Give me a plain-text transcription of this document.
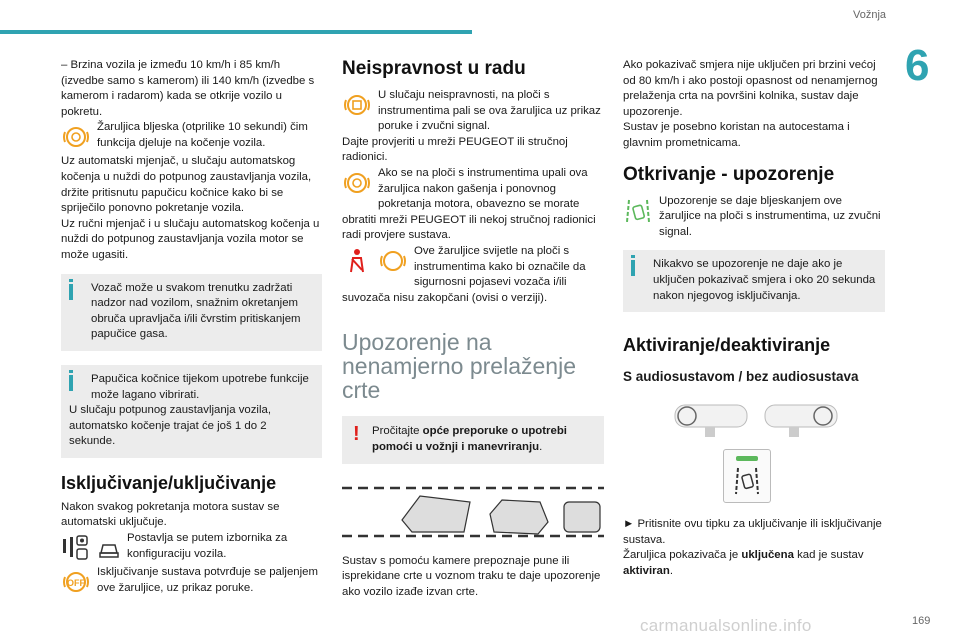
Vožnja
6

– Brzina vozila je između 10 km/h i 85 km/h (izvedbe samo s kamerom) ili 140 km/h (izvedbe s kamerom i radarom) kada se otkrije vozilo u pokretu.

Žaruljica bljeska (otprilike 10 sekundi) čim funkcija djeluje na kočenje vozila.

Uz automatski mjenjač, u slučaju automatskog kočenja u nuždi do potpunog zaustavljanja vozila, držite pritisnutu papučicu kočnice kako bi se spriječilo ponovno pokretanje vozila.

Uz ručni mjenjač i u slučaju automatskog kočenja u nuždi do potpunog zaustavljanja vozila motor se može ugasiti.

Vozač može u svakom trenutku zadržati nadzor nad vozilom, snažnim okretanjem obruča upravljača i/ili čvrstim pritiskanjem papučice gasa.

Papučica kočnice tijekom upotrebe funkcije može lagano vibrirati.

U slučaju potpunog zaustavljanja vozila, automatsko kočenje trajat će još 1 do 2 sekunde.

Isključivanje/uključivanje

Nakon svakog pokretanja motora sustav se automatski uključuje.

Postavlja se putem izbornika za konfiguraciju vozila.

OFF

Isključivanje sustava potvrđuje se paljenjem ove žaruljice, uz prikaz poruke.

Neispravnost u radu

U slučaju neispravnosti, na ploči s instrumentima pali se ova žaruljica uz prikaz poruke i zvučni signal.

Dajte provjeriti u mreži PEUGEOT ili stručnoj radionici.

Ako se na ploči s instrumentima upali ova žaruljica nakon gašenja i ponovnog pokretanja motora, obavezno se morate obratiti mreži PEUGEOT ili nekoj stručnoj radionici radi provjere sustava.

Ove žaruljice svijetle na ploči s instrumentima kako bi označile da sigurnosni pojasevi vozača i/ili suvozača nisu zakopčani (ovisi o verziji).

Upozorenje na nenamjerno prelaženje crte
! Pročitajte opće preporuke o upotrebi pomoći u vožnji i manevriranju.

Sustav s pomoću kamere prepoznaje pune ili isprekidane crte u voznom traku te daje upozorenje ako vozilo izađe izvan crte.

Ako pokazivač smjera nije uključen pri brzini većoj od 80 km/h i ako postoji opasnost od nenamjernog prelaženja crta na površini kolnika, sustav daje upozorenje.

Sustav je posebno koristan na autocestama i glavnim prometnicama.

Otkrivanje - upozorenje

Upozorenje se daje bljeskanjem ove žaruljice na ploči s instrumentima, uz zvučni signal.

Nikakvo se upozorenje ne daje ako je uključen pokazivač smjera i oko 20 sekunda nakon njegovog isključivanja.

Aktiviranje/deaktiviranje
S audiosustavom / bez audiosustava

► Pritisnite ovu tipku za uključivanje ili isključivanje sustava.

Žaruljica pokazivača je uključena kad je sustav aktiviran.

carmanualsonline.info	169
